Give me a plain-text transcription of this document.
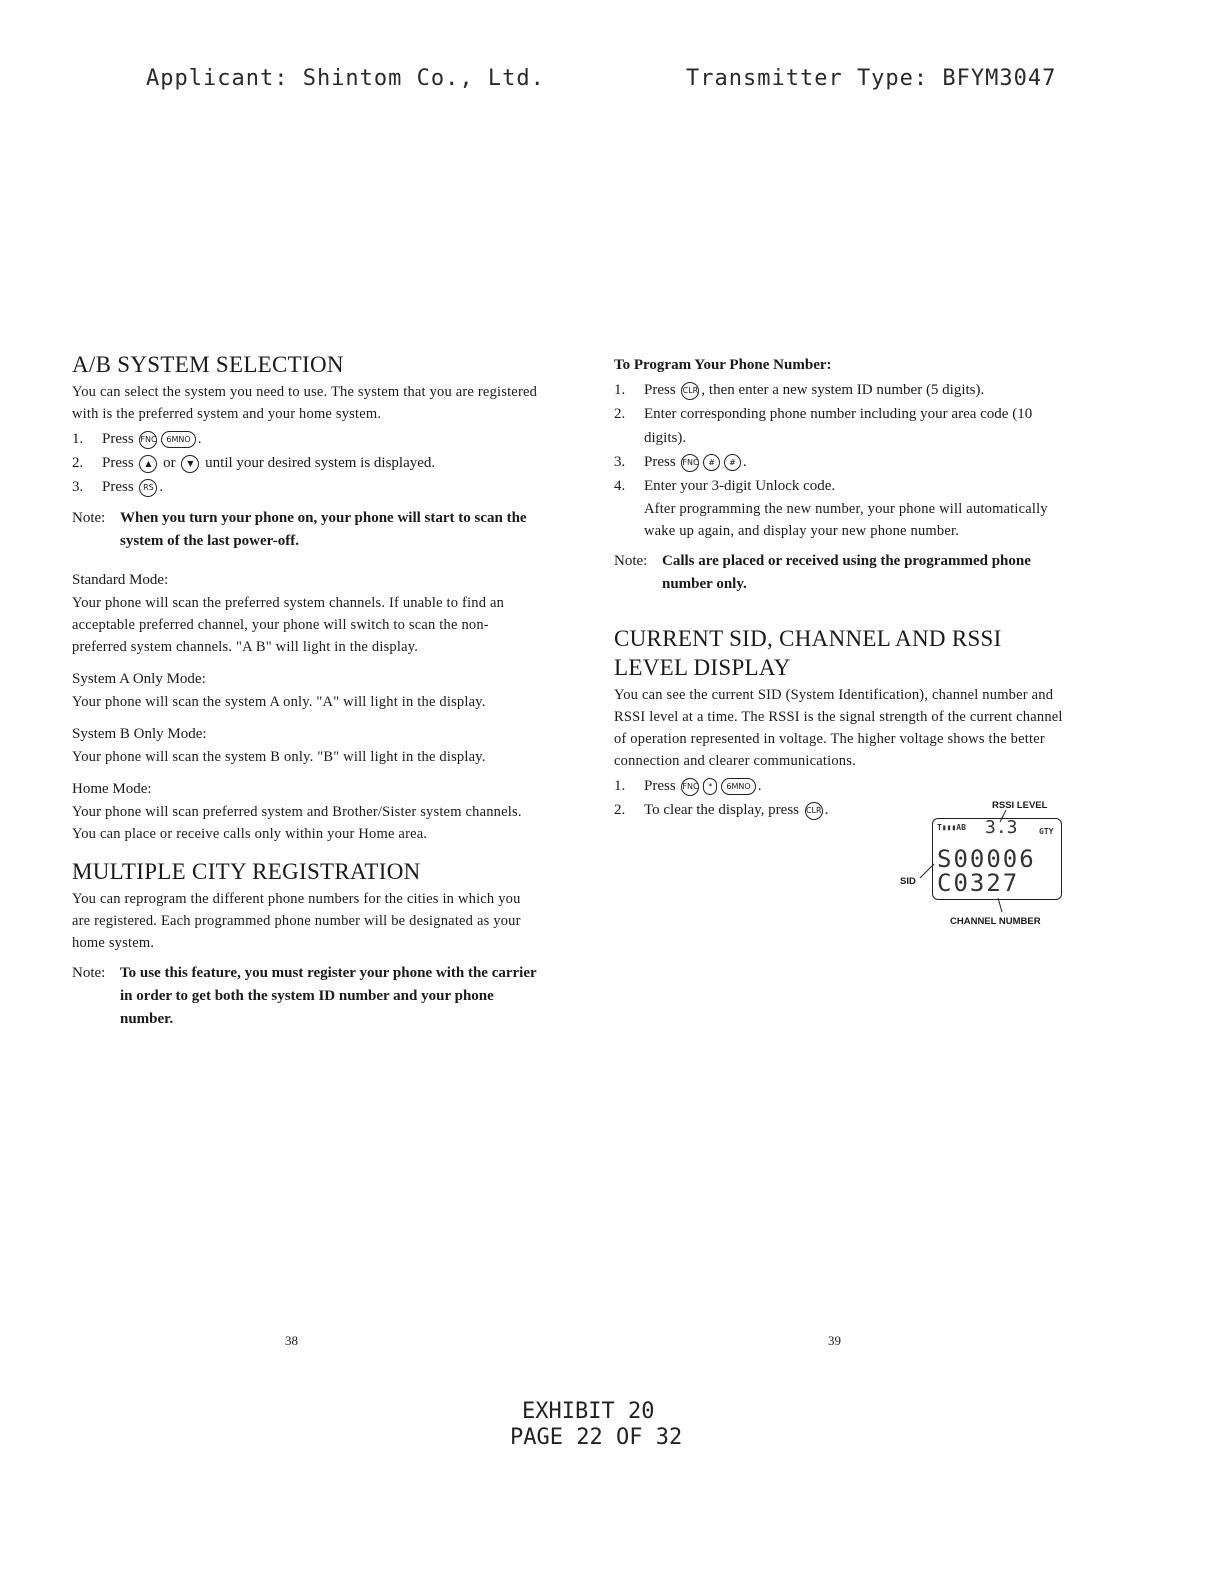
Applicant: Shintom Co., Ltd.	Transmitter Type: BFYM3047
A/B SYSTEM SELECTION

You can select the system you need to use. The system that you are registered with is the preferred system and your home system.

1. Press FNC 6MNO .
2. Press ▲ or ▼ until your desired system is displayed.
3. Press RS .
Note: When you turn your phone on, your phone will start to scan the system of the last power-off.
Standard Mode:

Your phone will scan the preferred system channels. If unable to find an acceptable preferred channel, your phone will switch to scan the non-preferred system channels. "A B" will light in the display.

System A Only Mode:

Your phone will scan the system A only. "A" will light in the display.

System B Only Mode:

Your phone will scan the system B only. "B" will light in the display.

Home Mode:

Your phone will scan preferred system and Brother/Sister system channels.

You can place or receive calls only within your Home area.

MULTIPLE CITY REGISTRATION

You can reprogram the different phone numbers for the cities in which you are registered. Each programmed phone number will be designated as your home system.

Note: To use this feature, you must register your phone with the carrier in order to get both the system ID number and your phone number.
To Program Your Phone Number:
1. Press CLR , then enter a new system ID number (5 digits).
2. Enter corresponding phone number including your area code (10 digits).
3. Press FNC # # .
4. Enter your 3-digit Unlock code.
After programming the new number, your phone will automatically wake up again, and display your new phone number.
Note: Calls are placed or received using the programmed phone number only.
CURRENT SID, CHANNEL AND RSSI
LEVEL DISPLAY

You can see the current SID (System Identification), channel number and RSSI level at a time. The RSSI is the signal strength of the current channel of operation represented in voltage. The higher voltage shows the better connection and clearer communications.

1. Press FNC * 6MNO .
2. To clear the display, press CLR .	RSSI LEVEL
T▮▮▮AB 3.3	GTY
S00006
C0327
SID
CHANNEL NUMBER
38	39
EXHIBIT 20
PAGE 22 OF 32
